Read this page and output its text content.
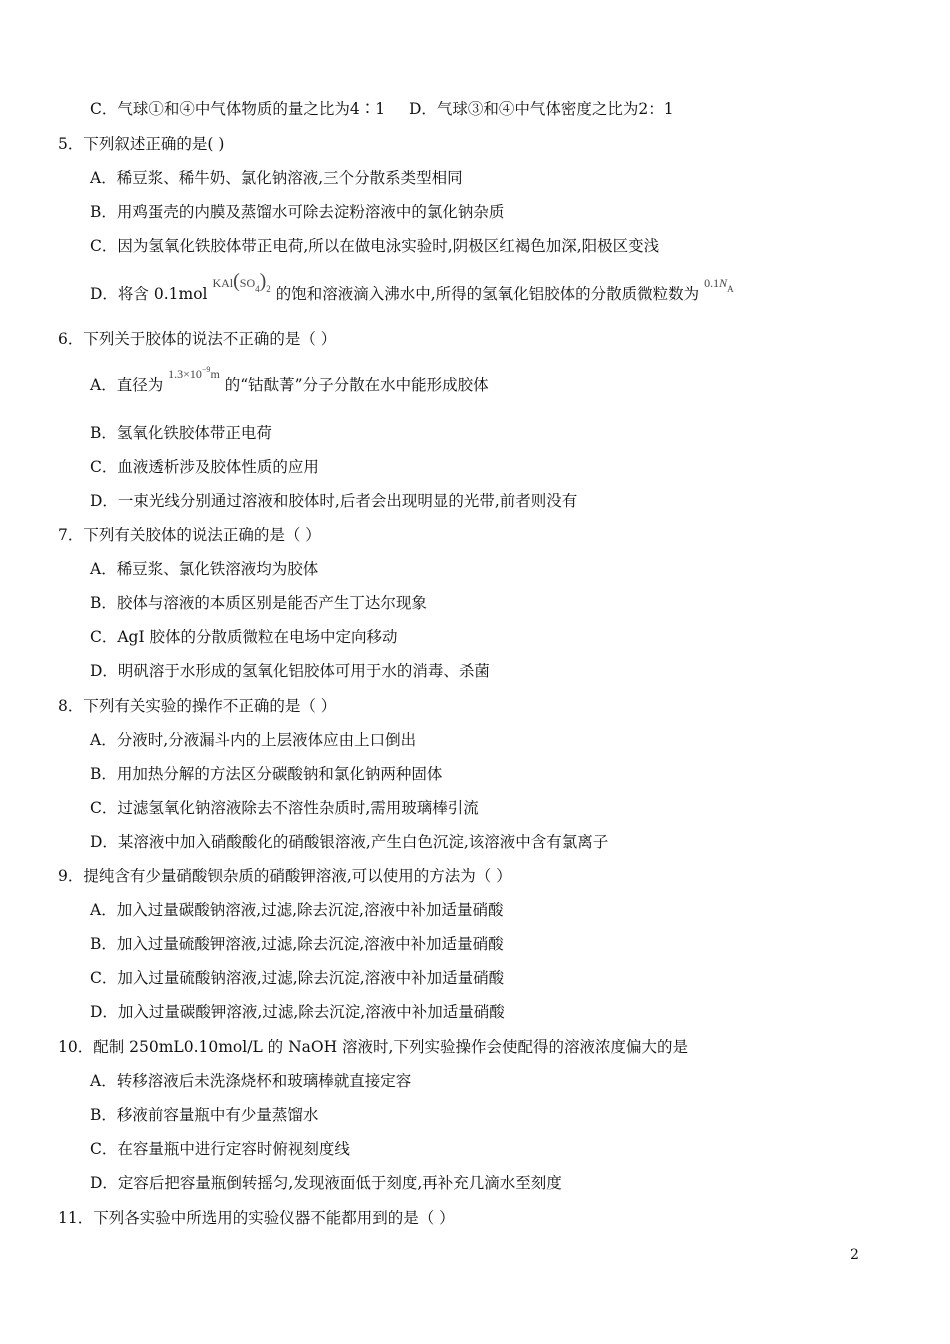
C．气球①和④中气体物质的量之比为4∶1 D．气球③和④中气体密度之比为2：1
5．下列叙述正确的是( )
A．稀豆浆、稀牛奶、氯化钠溶液,三个分散系类型相同
B．用鸡蛋壳的内膜及蒸馏水可除去淀粉溶液中的氯化钠杂质
C．因为氢氧化铁胶体带正电荷,所以在做电泳实验时,阴极区红褐色加深,阳极区变浅
D．将含 0.1mol $^{KAl(SO_4)_2}$ 的饱和溶液滴入沸水中,所得的氢氧化铝胶体的分散质微粒数为 $^{0.1N_A}$
6．下列关于胶体的说法不正确的是（ ）
A．直径为 $^{1.3\times 10^{-9}m}$ 的“钴酞菁”分子分散在水中能形成胶体
B．氢氧化铁胶体带正电荷
C．血液透析涉及胶体性质的应用
D．一束光线分别通过溶液和胶体时,后者会出现明显的光带,前者则没有
7．下列有关胶体的说法正确的是（ ）
A．稀豆浆、氯化铁溶液均为胶体
B．胶体与溶液的本质区别是能否产生丁达尔现象
C．AgI 胶体的分散质微粒在电场中定向移动
D．明矾溶于水形成的氢氧化铝胶体可用于水的消毒、杀菌
8．下列有关实验的操作不正确的是（ ）
A．分液时,分液漏斗内的上层液体应由上口倒出
B．用加热分解的方法区分碳酸钠和氯化钠两种固体
C．过滤氢氧化钠溶液除去不溶性杂质时,需用玻璃棒引流
D．某溶液中加入硝酸酸化的硝酸银溶液,产生白色沉淀,该溶液中含有氯离子
9．提纯含有少量硝酸钡杂质的硝酸钾溶液,可以使用的方法为（ ）
A．加入过量碳酸钠溶液,过滤,除去沉淀,溶液中补加适量硝酸
B．加入过量硫酸钾溶液,过滤,除去沉淀,溶液中补加适量硝酸
C．加入过量硫酸钠溶液,过滤,除去沉淀,溶液中补加适量硝酸
D．加入过量碳酸钾溶液,过滤,除去沉淀,溶液中补加适量硝酸
10．配制 250mL0.10mol/L 的 NaOH 溶液时,下列实验操作会使配得的溶液浓度偏大的是
A．转移溶液后未洗涤烧杯和玻璃棒就直接定容
B．移液前容量瓶中有少量蒸馏水
C．在容量瓶中进行定容时俯视刻度线
D．定容后把容量瓶倒转摇匀,发现液面低于刻度,再补充几滴水至刻度
11．下列各实验中所选用的实验仪器不能都用到的是（ ）
2
